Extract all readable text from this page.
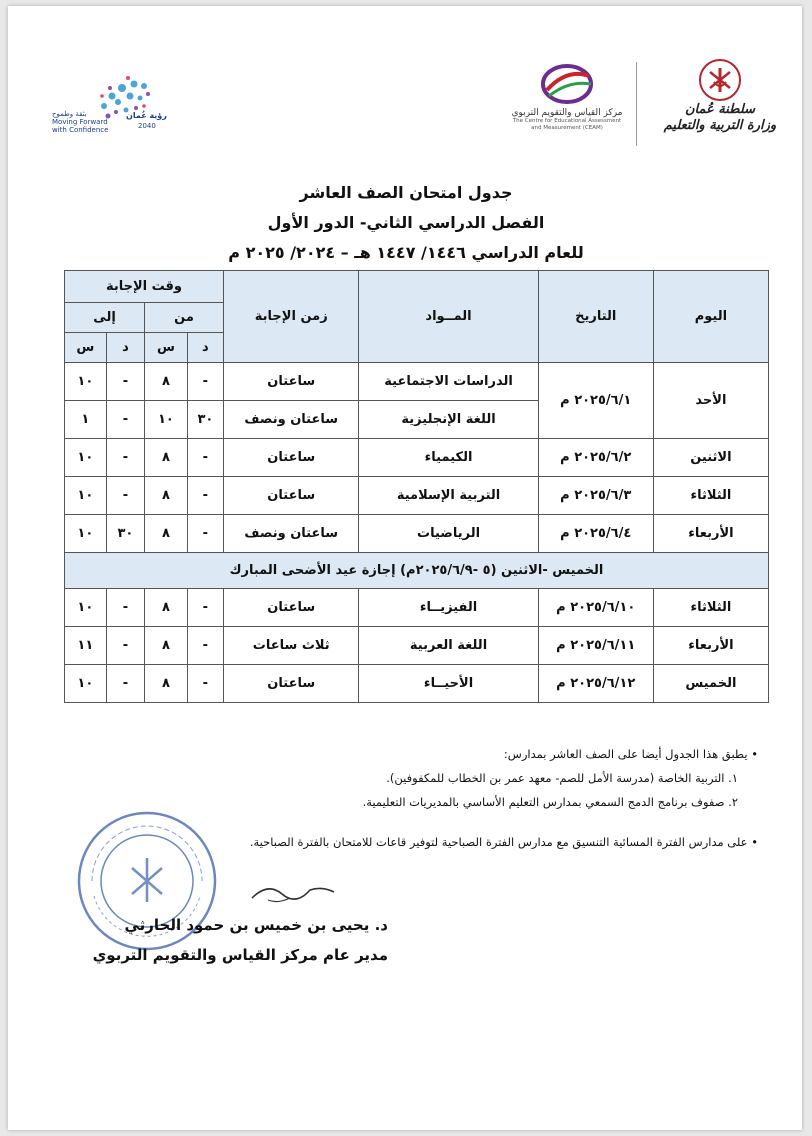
سلطنة عُمان
وزارة التربية والتعليم
مركز القياس والتقويم التربوي
The Centre for Educational Assessment
and Measurement (CEAM)
رؤية عُمان
2040
بثقة وطموح
Moving Forward
with Confidence
جدول امتحان الصف العاشر
الفصل الدراسي الثاني- الدور الأول
للعام الدراسي ١٤٤٦/ ١٤٤٧ هـ – ٢٠٢٤/ ٢٠٢٥ م
اليوم	التاريخ	المــواد	زمن الإجابة	وقت الإجابة			
				من		إلى	
				د	س	د	س
الأحد	٢٠٢٥/٦/١ م	الدراسات الاجتماعية	ساعتان	-	٨	-	١٠
		اللغة الإنجليزية	ساعتان ونصف	٣٠	١٠	-	١
الاثنين	٢٠٢٥/٦/٢ م	الكيمياء	ساعتان	-	٨	-	١٠
الثلاثاء	٢٠٢٥/٦/٣ م	التربية الإسلامية	ساعتان	-	٨	-	١٠
الأربعاء	٢٠٢٥/٦/٤ م	الرياضيات	ساعتان ونصف	-	٨	٣٠	١٠
الخميس -الاثنين (٥ -٢٠٢٥/٦/٩م) إجازة عيد الأضحى المبارك							
الثلاثاء	٢٠٢٥/٦/١٠ م	الفيزيــاء	ساعتان	-	٨	-	١٠
الأربعاء	٢٠٢٥/٦/١١ م	اللغة العربية	ثلاث ساعات	-	٨	-	١١
الخميس	٢٠٢٥/٦/١٢ م	الأحيــاء	ساعتان	-	٨	-	١٠
• يطبق هذا الجدول أيضا على الصف العاشر بمدارس:
١. التربية الخاصة (مدرسة الأمل للصم- معهد عمر بن الخطاب للمكفوفين).
٢. صفوف برنامج الدمج السمعي بمدارس التعليم الأساسي بالمديريات التعليمية.
• على مدارس الفترة المسائية التنسيق مع مدارس الفترة الصباحية لتوفير قاعات للامتحان بالفترة الصباحية.
د. يحيى بن خميس بن حمود الحارثي
مدير عام مركز القياس والتقويم التربوي
